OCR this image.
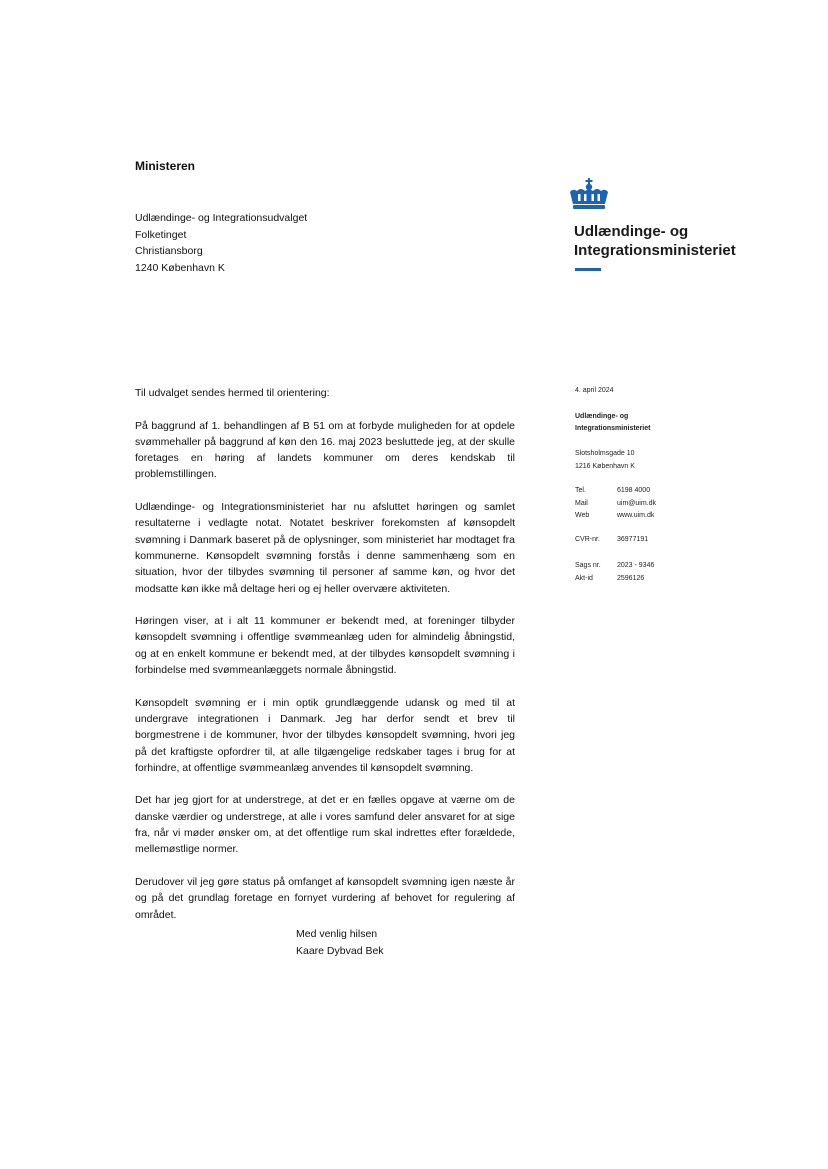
Ministeren
Udlændinge- og Integrationsudvalget
Folketinget
Christiansborg
1240 København K
Udlændinge- og
Integrationsministeriet
4. april 2024
Udlændinge- og
Integrationsministeriet
Slotsholmsgade 10
1216 København K
Tel.	6198 4000
Mail	uim@uim.dk
Web	www.uim.dk
CVR-nr.	36977191
Sags nr.	2023 - 9346
Akt-id	2596126

Til udvalget sendes hermed til orientering:

På baggrund af 1. behandlingen af B 51 om at forbyde muligheden for at opdele svømmehaller på baggrund af køn den 16. maj 2023 besluttede jeg, at der skulle foretages en høring af landets kommuner om deres kendskab til problemstillingen.

Udlændinge- og Integrationsministeriet har nu afsluttet høringen og samlet resultaterne i vedlagte notat. Notatet beskriver forekomsten af kønsopdelt svømning i Danmark baseret på de oplysninger, som ministeriet har modtaget fra kommunerne. Kønsopdelt svømning forstås i denne sammenhæng som en situation, hvor der tilbydes svømning til personer af samme køn, og hvor det modsatte køn ikke må deltage heri og ej heller overvære aktiviteten.

Høringen viser, at i alt 11 kommuner er bekendt med, at foreninger tilbyder kønsopdelt svømning i offentlige svømmeanlæg uden for almindelig åbningstid, og at en enkelt kommune er bekendt med, at der tilbydes kønsopdelt svømning i forbindelse med svømmeanlæggets normale åbningstid.

Kønsopdelt svømning er i min optik grundlæggende udansk og med til at undergrave integrationen i Danmark. Jeg har derfor sendt et brev til borgmestrene i de kommuner, hvor der tilbydes kønsopdelt svømning, hvori jeg på det kraftigste opfordrer til, at alle tilgængelige redskaber tages i brug for at forhindre, at offentlige svømmeanlæg anvendes til kønsopdelt svømning.

Det har jeg gjort for at understrege, at det er en fælles opgave at værne om de danske værdier og understrege, at alle i vores samfund deler ansvaret for at sige fra, når vi møder ønsker om, at det offentlige rum skal indrettes efter forældede, mellemøstlige normer.

Derudover vil jeg gøre status på omfanget af kønsopdelt svømning igen næste år og på det grundlag foretage en fornyet vurdering af behovet for regulering af området.

Med venlig hilsen
Kaare Dybvad Bek
